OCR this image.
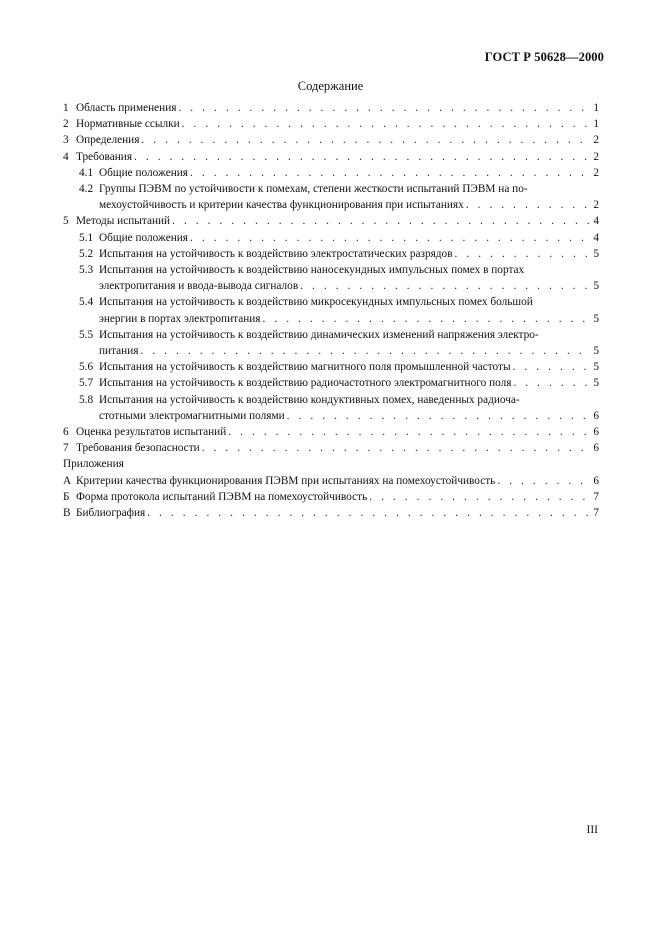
ГОСТ Р 50628—2000
Содержание
1 Область применения . . .	1
2 Нормативные ссылки . . .	1
3 Определения . . .	2
4 Требования . . .	2
4.1 Общие положения . . .	2
4.2 Группы ПЭВМ по устойчивости к помехам, степени жесткости испытаний ПЭВМ на по-
мехоустойчивость и критерии качества функционирования при испытаниях . . .	2
5 Методы испытаний . . .	4
5.1 Общие положения . . .	4
5.2 Испытания на устойчивость к воздействию электростатических разрядов . . .	5
5.3 Испытания на устойчивость к воздействию наносекундных импульсных помех в портах
электропитания и ввода-вывода сигналов . . .	5
5.4 Испытания на устойчивость к воздействию микросекундных импульсных помех большой
энергии в портах электропитания . . .	5
5.5 Испытания на устойчивость к воздействию динамических изменений напряжения электро-
питания . . .	5
5.6 Испытания на устойчивость к воздействию магнитного поля промышленной частоты . . .	5
5.7 Испытания на устойчивость к воздействию радиочастотного электромагнитного поля . . .	5
5.8 Испытания на устойчивость к воздействию кондуктивных помех, наведенных радиоча-
стотными электромагнитными полями . . .	6
6 Оценка результатов испытаний . . .	6
7 Требования безопасности . . .	6
Приложения
А Критерии качества функционирования ПЭВМ при испытаниях на помехоустойчивость . . .	6
Б Форма протокола испытаний ПЭВМ на помехоустойчивость . . .	7
В Библиография . . .	7
III
